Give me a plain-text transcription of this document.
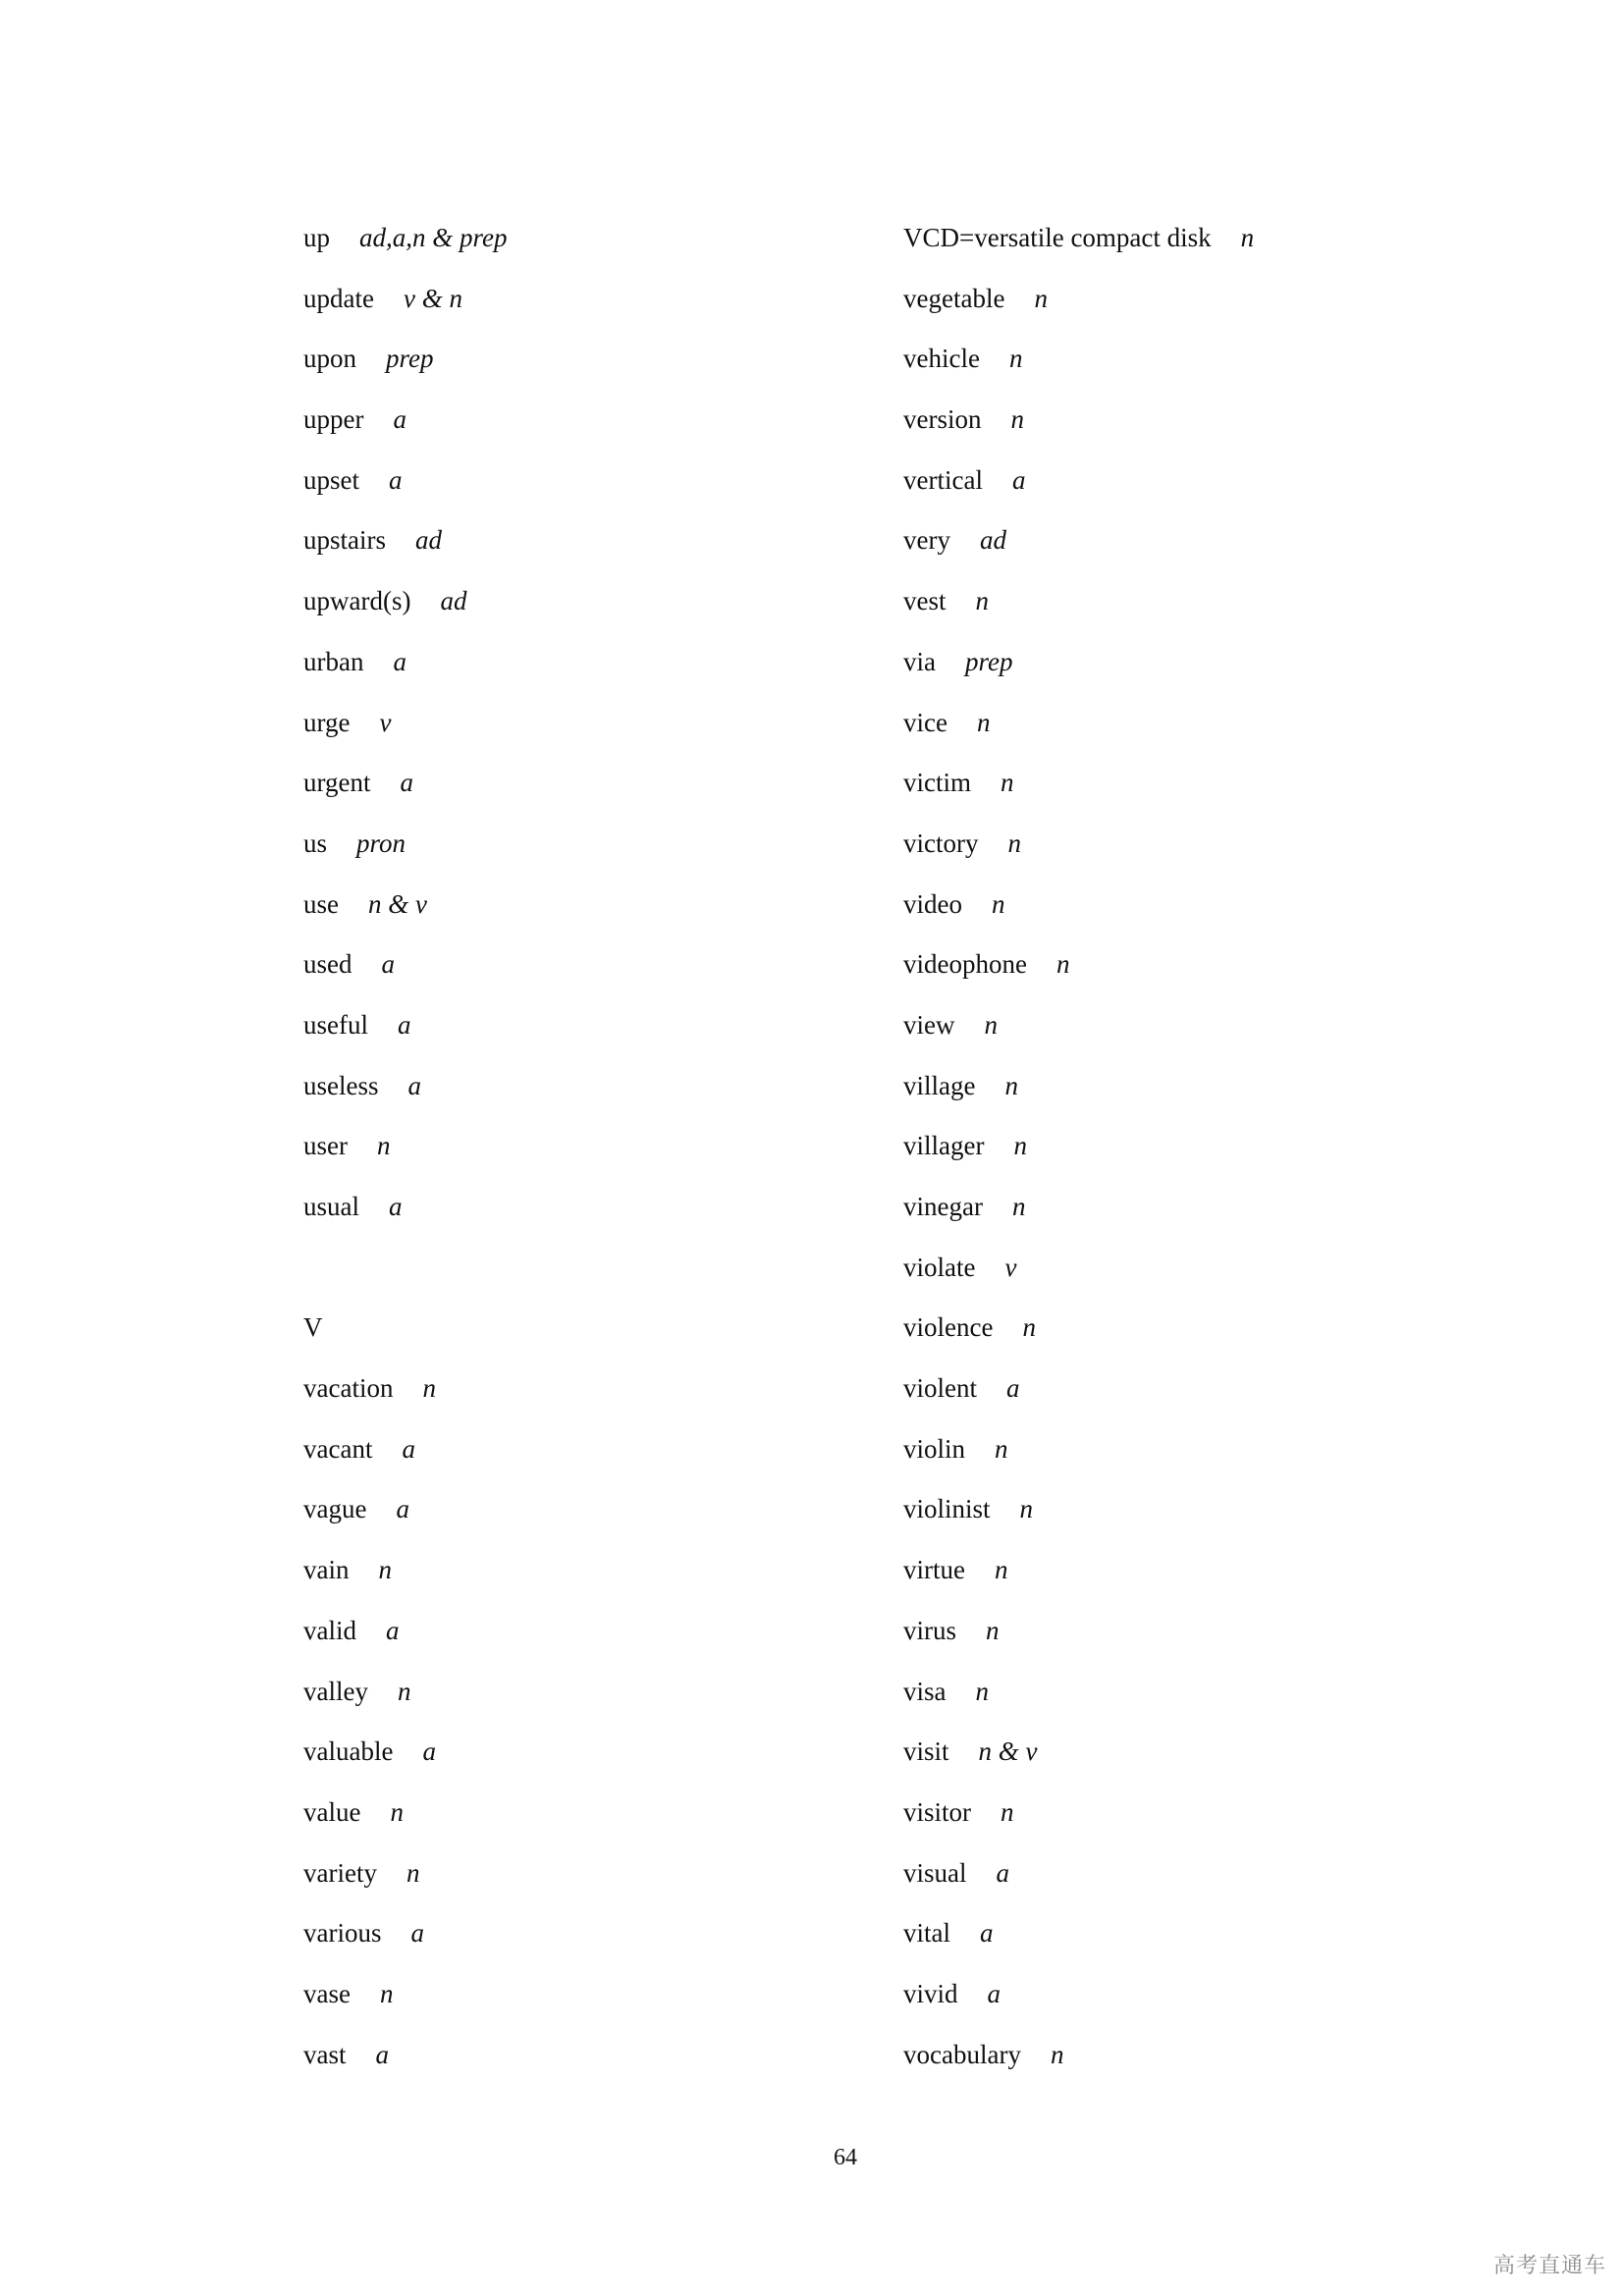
up ad,a,n & prep
update v & n
upon prep
upper a
upset a
upstairs ad
upward(s) ad
urban a
urge v
urgent a
us pron
use n & v
used a
useful a
useless a
user n
usual a
V
vacation n
vacant a
vague a
vain n
valid a
valley n
valuable a
value n
variety n
various a
vase n
vast a
VCD=versatile compact disk n
vegetable n
vehicle n
version n
vertical a
very ad
vest n
via prep
vice n
victim n
victory n
video n
videophone n
view n
village n
villager n
vinegar n
violate v
violence n
violent a
violin n
violinist n
virtue n
virus n
visa n
visit n & v
visitor n
visual a
vital a
vivid a
vocabulary n
64
高考直通车
